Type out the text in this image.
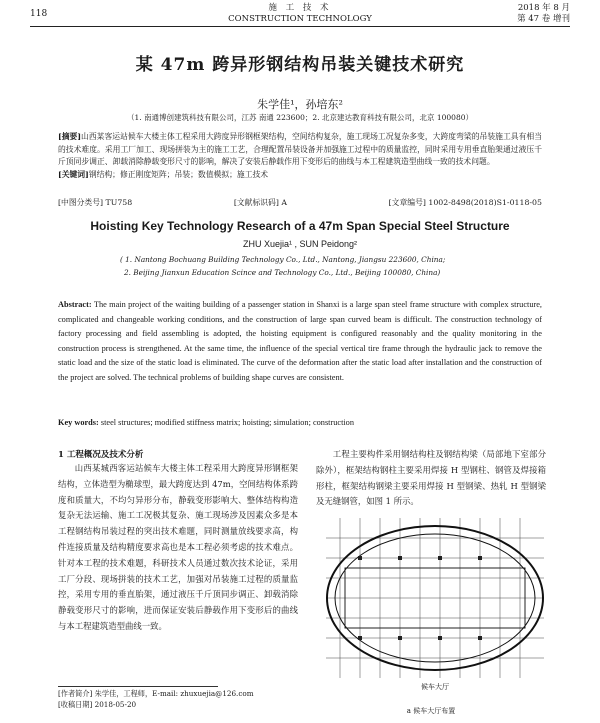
118
施 工 技 术
CONSTRUCTION TECHNOLOGY
2018 年 8 月
第 47 卷 增刊
某 47m 跨异形钢结构吊装关键技术研究
朱学佳¹，孙培东²
（1. 南通博创建筑科技有限公司，江苏 南通 223600；2. 北京建达教育科技有限公司，北京 100080）

[摘要]山西某客运站候车大楼主体工程采用大跨度异形钢框架结构，空间结构复杂，施工现场工况复杂多变，大跨度弯梁的吊装施工具有相当的技术难度。采用工厂加工、现场拼装为主的施工工艺，合理配置吊装设备并加强施工过程中的质量监控，同时采用专用垂直胎架通过液压千斤顶同步调正、卸载消除静载变形尺寸的影响，解决了安装后静载作用下变形后的曲线与本工程建筑造型曲线一致的技术问题。

[关键词]钢结构；修正刚度矩阵；吊装；数值模拟；施工技术

[中图分类号] TU758	[文献标识码] A	[文章编号] 1002-8498(2018)S1-0118-05
Hoisting Key Technology Research of a 47m Span Special Steel Structure
ZHU Xuejia¹ , SUN Peidong²
( 1. Nantong Bochuang Building Technology Co., Ltd., Nantong, Jiangsu 223600, China;
2. Beijing Jianxun Education Scince and Technology Co., Ltd., Beijing 100080, China)
Abstract: The main project of the waiting building of a passenger station in Shanxi is a large span steel frame structure with complex structure, complicated and changeable working conditions, and the construction of large span curved beam is difficult. The construction technology of factory processing and field assembling is adopted, the hoisting equipment is configured reasonably and the quality monitoring in the construction process is strengthened. At the same time, the influence of the special vertical tire frame through the hydraulic jack to remove the static load and the size of the static load is eliminated. The curve of the deformation after the static load after installation and the construction of the project are solved. The technical problems of building shape curves are consistent.
Key words: steel structures; modified stiffness matrix; hoisting; simulation; construction
1 工程概况及技术分析
山西某城西客运站候车大楼主体工程采用大跨度异形钢框架结构，立体造型为椭球型，最大跨度达到 47m，空间结构体系跨度和质量大，不均匀异形分布，静载变形影响大、整体结构构造复杂无法运输、施工工况极其复杂、施工现场涉及因素众多是本工程钢结构吊装过程的突出技术难题，同时测量放线要求高，构件连接质量及结构精度要求高也是本工程必须考虑的技术难点。针对本工程的技术难题，科研技术人员通过数次技术论证，采用工厂分段、现场拼装的技术工艺，加强对吊装施工过程的质量监控，采用专用的垂直胎架，通过液压千斤顶同步调正、卸载消除静载变形尺寸的影响，进而保证安装后静载作用下变形后的曲线与本工程建筑造型曲线一致。
工程主要构件采用钢结构柱及钢结构梁（局部地下室部分除外），框架结构钢柱主要采用焊接 H 型钢柱、钢管及焊接箱形柱，框架结构钢梁主要采用焊接 H 型钢梁、热轧 H 型钢梁及无缝钢管，如图 1 所示。
候车大厅
a 候车大厅布置
[作者简介] 朱学佳，工程师，E-mail: zhuxuejia@126.com
[收稿日期] 2018-05-20
